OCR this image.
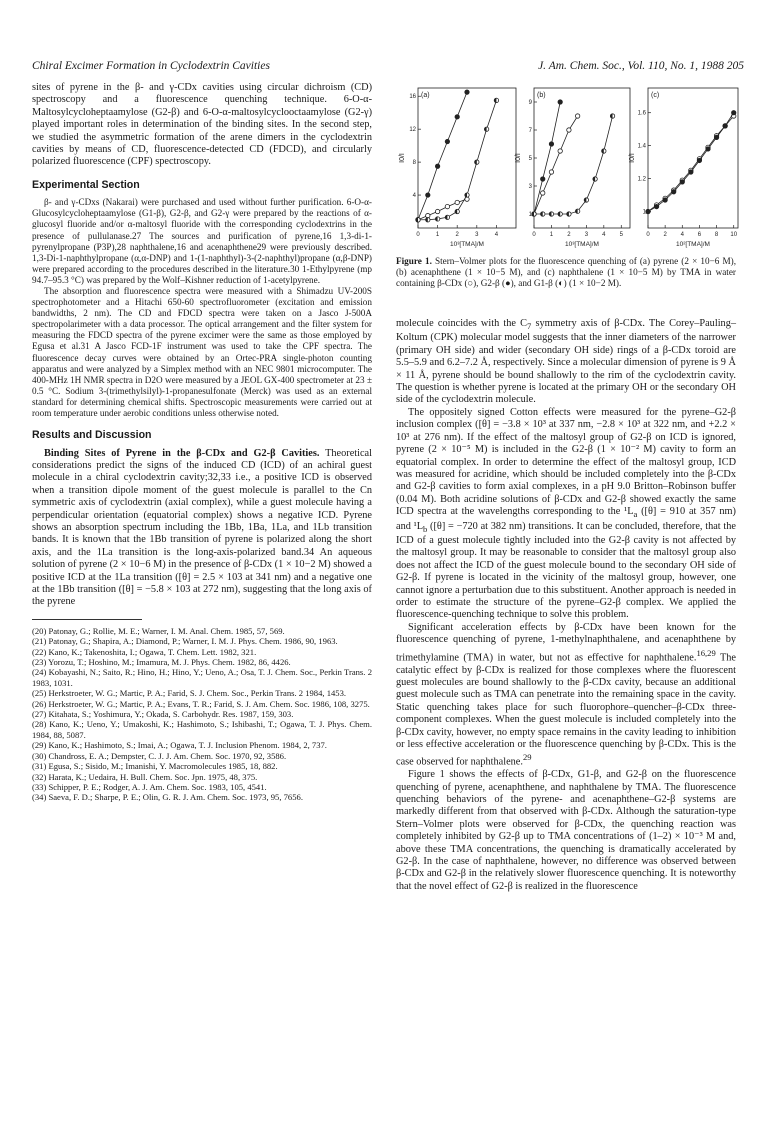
Chiral Excimer Formation in Cyclodextrin Cavities	J. Am. Chem. Soc., Vol. 110, No. 1, 1988 205

sites of pyrene in the β- and γ-CDx cavities using circular dichroism (CD) spectroscopy and a fluorescence quenching technique. 6-O-α-Maltosylcycloheptaamylose (G2-β) and 6-O-α-maltosylcyclooctaamylose (G2-γ) played important roles in determination of the binding sites. In the second step, we studied the asymmetric formation of the arene dimers in the cyclodextrin cavities by means of CD, fluorescence-detected CD (FDCD), and circularly polarized fluorescence (CPF) spectroscopy.

Experimental Section

β- and γ-CDxs (Nakarai) were purchased and used without further purification. 6-O-α-Glucosylcycloheptaamylose (G1-β), G2-β, and G2-γ were prepared by the reactions of α-glucosyl fluoride and/or α-maltosyl fluoride with the corresponding cyclodextrins in the presence of pullulanase.27 The sources and purification of pyrene,16 1,3-di-1-pyrenylpropane (P3P),28 naphthalene,16 and acenaphthene29 were previously described. 1,3-Di-1-naphthylpropane (α,α-DNP) and 1-(1-naphthyl)-3-(2-naphthyl)propane (α,β-DNP) were prepared according to the procedures described in the literature.30 1-Ethylpyrene (mp 94.7–95.3 °C) was prepared by the Wolf–Kishner reduction of 1-acetylpyrene.

The absorption and fluorescence spectra were measured with a Shimadzu UV-200S spectrophotometer and a Hitachi 650-60 spectrofluorometer (excitation and emission bandwidths, 2 nm). The CD and FDCD spectra were taken on a Jasco J-500A spectropolarimeter with a data processor. The optical arrangement and the filter system for measuring the FDCD spectra of the pyrene excimer were the same as those employed by Egusa et al.31 A Jasco FCD-1F instrument was used to take the CPF spectra. The fluorescence decay curves were obtained by an Ortec-PRA single-photon counting apparatus and were analyzed by a Simplex method with an NEC 9801 microcomputer. The 400-MHz 1H NMR spectra in D2O were measured by a JEOL GX-400 spectrometer at 23 ± 0.5 °C. Sodium 3-(trimethylsilyl)-1-propanesulfonate (Merck) was used as an external standard for determining chemical shifts. Spectroscopic measurements were carried out at room temperature under aerobic conditions unless otherwise noted.

Results and Discussion

Binding Sites of Pyrene in the β-CDx and G2-β Cavities. Theoretical considerations predict the signs of the induced CD (ICD) of an achiral guest molecule in a chiral cyclodextrin cavity;32,33 i.e., a positive ICD is observed when a transition dipole moment of the guest molecule is parallel to the Cn symmetric axis of cyclodextrin (axial complex), while a guest molecule having a perpendicular orientation (equatorial complex) shows a negative ICD. Pyrene shows an absorption spectrum including the 1Bb, 1Ba, 1La, and 1Lb transition bands. It is known that the 1Bb transition of pyrene is polarized along the short axis, and the 1La transition is the long-axis-polarized band.34 An aqueous solution of pyrene (2 × 10−6 M) in the presence of β-CDx (1 × 10−2 M) showed a positive ICD at the 1La transition ([θ] = 2.5 × 103 at 341 nm) and a negative one at the 1Bb transition ([θ] = −5.8 × 103 at 272 nm), suggesting that the long axis of the pyrene

(20) Patonay, G.; Rollie, M. E.; Warner, I. M. Anal. Chem. 1985, 57, 569.
(21) Patonay, G.; Shapira, A.; Diamond, P.; Warner, I. M. J. Phys. Chem. 1986, 90, 1963.
(22) Kano, K.; Takenoshita, I.; Ogawa, T. Chem. Lett. 1982, 321.
(23) Yorozu, T.; Hoshino, M.; Imamura, M. J. Phys. Chem. 1982, 86, 4426.
(24) Kobayashi, N.; Saito, R.; Hino, H.; Hino, Y.; Ueno, A.; Osa, T. J. Chem. Soc., Perkin Trans. 2 1983, 1031.
(25) Herkstroeter, W. G.; Martic, P. A.; Farid, S. J. Chem. Soc., Perkin Trans. 2 1984, 1453.
(26) Herkstroeter, W. G.; Martic, P. A.; Evans, T. R.; Farid, S. J. Am. Chem. Soc. 1986, 108, 3275.
(27) Kitahata, S.; Yoshimura, Y.; Okada, S. Carbohydr. Res. 1987, 159, 303.
(28) Kano, K.; Ueno, Y.; Umakoshi, K.; Hashimoto, S.; Ishibashi, T.; Ogawa, T. J. Phys. Chem. 1984, 88, 5087.
(29) Kano, K.; Hashimoto, S.; Imai, A.; Ogawa, T. J. Inclusion Phenom. 1984, 2, 737.
(30) Chandross, E. A.; Dempster, C. J. J. Am. Chem. Soc. 1970, 92, 3586.
(31) Egusa, S.; Sisido, M.; Imanishi, Y. Macromolecules 1985, 18, 882.
(32) Harata, K.; Uedaira, H. Bull. Chem. Soc. Jpn. 1975, 48, 375.
(33) Schipper, P. E.; Rodger, A. J. Am. Chem. Soc. 1983, 105, 4541.
(34) Saeva, F. D.; Sharpe, P. E.; Olin, G. R. J. Am. Chem. Soc. 1973, 95, 7656.
(a)
I0/I
10³[TMA]/M
0	1	2	3	4
4
8
12
16	(b)
I0/I
10³[TMA]/M
0 1 2 3 4 5
1
3
5
7
9
(c)
I0/I
10²[TMA]/M
0 2 4 6 8 10
1
1.2
1.4
1.6
Figure 1. Stern–Volmer plots for the fluorescence quenching of (a) pyrene (2 × 10−6 M), (b) acenaphthene (1 × 10−5 M), and (c) naphthalene (1 × 10−5 M) by TMA in water containing β-CDx (○), G2-β (●), and G1-β (◐) (1 × 10−2 M).

molecule coincides with the $C_7$ symmetry axis of β-CDx. The Corey–Pauling–Koltum (CPK) molecular model suggests that the inner diameters of the narrower (primary OH side) and wider (secondary OH side) rings of a β-CDx toroid are 5.5–5.9 and 6.2–7.2 Å, respectively. Since a molecular dimension of pyrene is 9 Å × 11 Å, pyrene should be bound shallowly to the rim of the cyclodextrin cavity. The question is whether pyrene is located at the primary OH or the secondary OH side of the cyclodextrin molecule.

The oppositely signed Cotton effects were measured for the pyrene–G2-β inclusion complex ([θ] = −3.8 × 10³ at 337 nm, −2.8 × 10³ at 322 nm, and +2.2 × 10³ at 276 nm). If the effect of the maltosyl group of G2-β on ICD is ignored, pyrene (2 × 10⁻⁵ M) is included in the G2-β (1 × 10⁻² M) cavity to form an equatorial complex. In order to determine the effect of the maltosyl group, ICD was measured for acridine, which should be included completely into the β-CDx and G2-β cavities to form axial complexes, in a pH 9.0 Britton–Robinson buffer (0.04 M). Both acridine solutions of β-CDx and G2-β showed exactly the same ICD spectra at the wavelengths corresponding to the $^1L_a$ ([θ] = 910 at 357 nm) and $^1L_b$ ([θ] = −720 at 382 nm) transitions. It can be concluded, therefore, that the ICD of a guest molecule tightly included into the G2-β cavity is not affected by the maltosyl group. It may be reasonable to consider that the maltosyl group also does not affect the ICD of the guest molecule bound to the secondary OH side of G2-β. If pyrene is located in the vicinity of the maltosyl group, however, one cannot ignore a perturbation due to this substituent. Another approach is needed in order to estimate the structure of the pyrene–G2-β complex. We applied the fluorescence-quenching technique to solve this problem.

Significant acceleration effects by β-CDx have been known for the fluorescence quenching of pyrene, 1-methylnaphthalene, and acenaphthene by trimethylamine (TMA) in water, but not as effective for naphthalene.$^{16,29}$ The catalytic effect by β-CDx is realized for those complexes where the fluorescent guest molecules are bound shallowly to the β-CDx cavity, because an additional guest molecule such as TMA can penetrate into the remaining space in the cavity. Static quenching takes place for such fluorophore–quencher–β-CDx three-component complexes. When the guest molecule is included completely into the β-CDx cavity, however, no empty space remains in the cavity leading to inhibition or less effective acceleration or the fluorescence quenching by β-CDx. This is the case observed for naphthalene.$^{29}$

Figure 1 shows the effects of β-CDx, G1-β, and G2-β on the fluorescence quenching of pyrene, acenaphthene, and naphthalene by TMA. The fluorescence quenching behaviors of the pyrene- and acenaphthene–G2-β systems are markedly different from that observed with β-CDx. Although the saturation-type Stern–Volmer plots were observed for β-CDx, the quenching reaction was completely inhibited by G2-β up to TMA concentrations of (1–2) × 10⁻³ M and, above these TMA concentrations, the quenching is dramatically accelerated by G2-β. In the case of naphthalene, however, no difference was observed between β-CDx and G2-β in the relatively slower fluorescence quenching. It is noteworthy that the novel effect of G2-β is realized in the fluorescence
